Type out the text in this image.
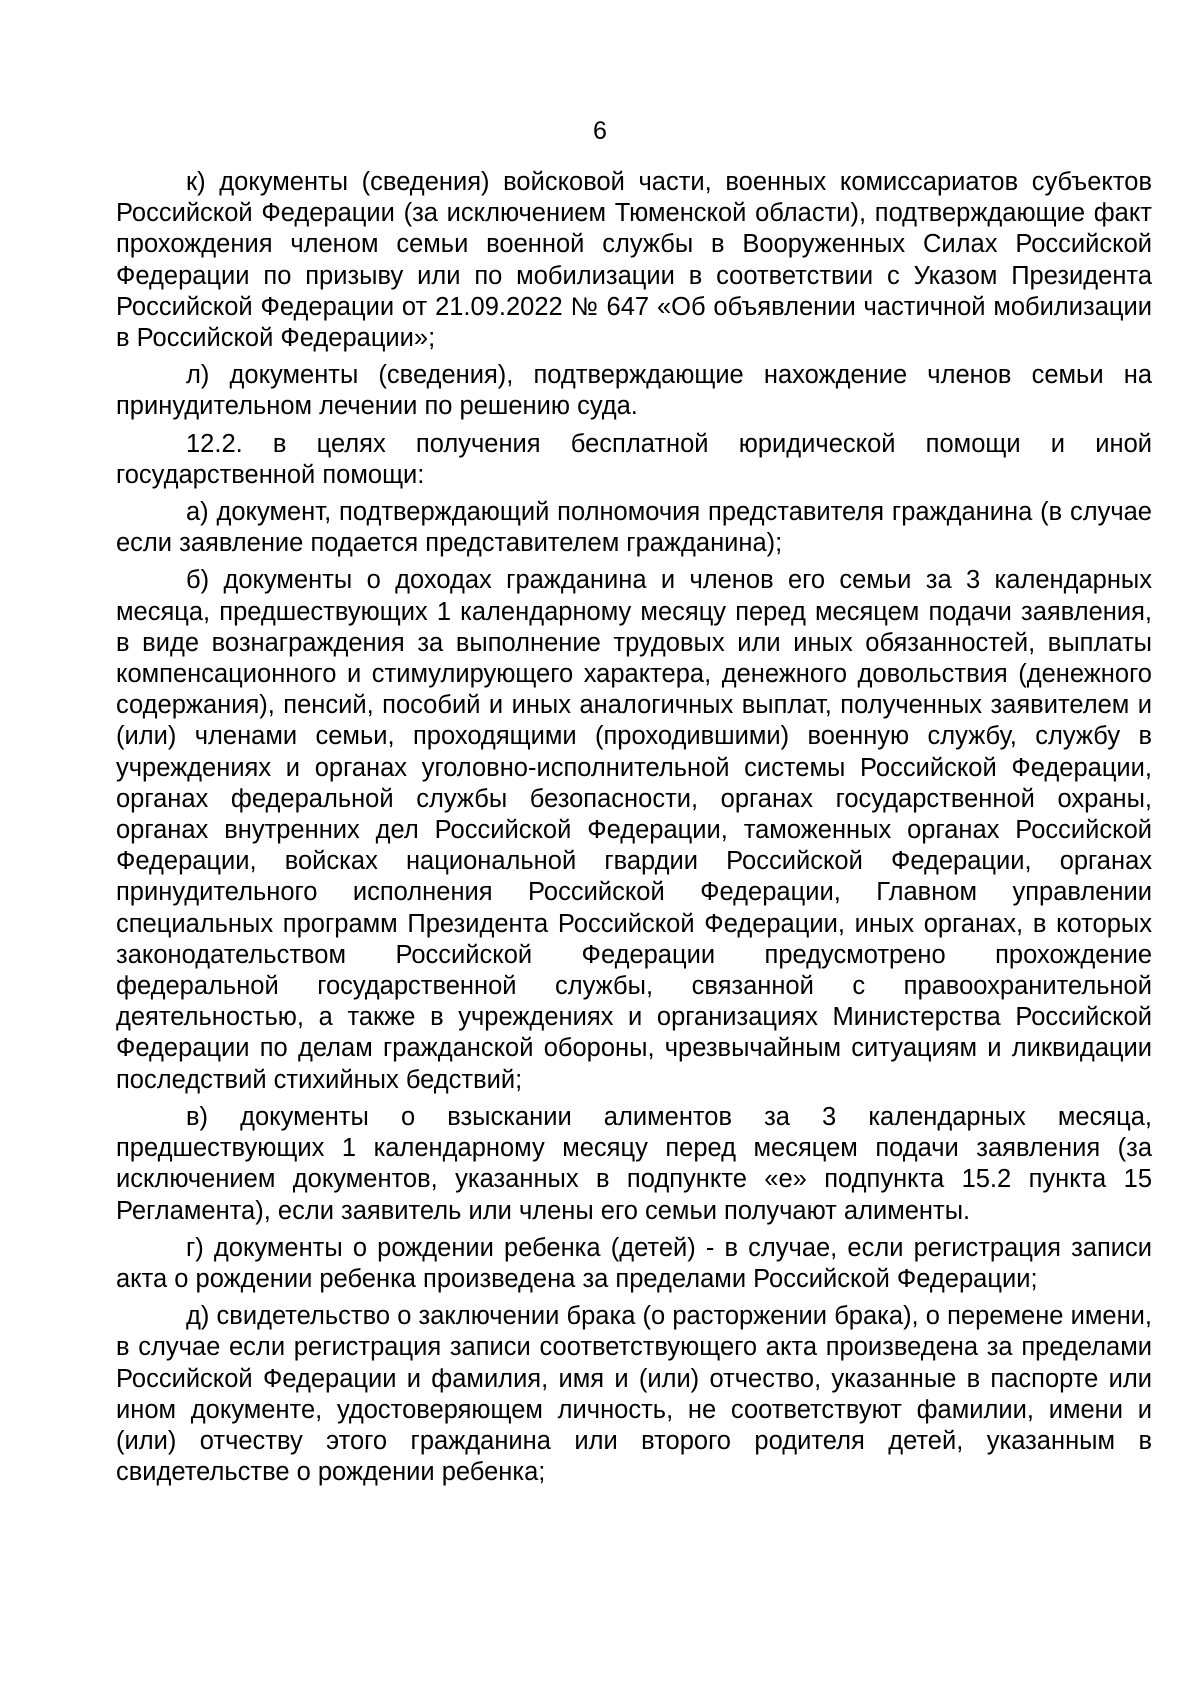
6

к) документы (сведения) войсковой части, военных комиссариатов субъектов Российской Федерации (за исключением Тюменской области), подтверждающие факт прохождения членом семьи военной службы в Вооруженных Силах Российской Федерации по призыву или по мобилизации в соответствии с Указом Президента Российской Федерации от 21.09.2022 № 647 «Об объявлении частичной мобилизации в Российской Федерации»;

л) документы (сведения), подтверждающие нахождение членов семьи на принудительном лечении по решению суда.

12.2. в целях получения бесплатной юридической помощи и иной государственной помощи:

а) документ, подтверждающий полномочия представителя гражданина (в случае если заявление подается представителем гражданина);

б) документы о доходах гражданина и членов его семьи за 3 календарных месяца, предшествующих 1 календарному месяцу перед месяцем подачи заявления, в виде вознаграждения за выполнение трудовых или иных обязанностей, выплаты компенсационного и стимулирующего характера, денежного довольствия (денежного содержания), пенсий, пособий и иных аналогичных выплат, полученных заявителем и (или) членами семьи, проходящими (проходившими) военную службу, службу в учреждениях и органах уголовно-исполнительной системы Российской Федерации, органах федеральной службы безопасности, органах государственной охраны, органах внутренних дел Российской Федерации, таможенных органах Российской Федерации, войсках национальной гвардии Российской Федерации, органах принудительного исполнения Российской Федерации, Главном управлении специальных программ Президента Российской Федерации, иных органах, в которых законодательством Российской Федерации предусмотрено прохождение федеральной государственной службы, связанной с правоохранительной деятельностью, а также в учреждениях и организациях Министерства Российской Федерации по делам гражданской обороны, чрезвычайным ситуациям и ликвидации последствий стихийных бедствий;

в) документы о взыскании алиментов за 3 календарных месяца, предшествующих 1 календарному месяцу перед месяцем подачи заявления (за исключением документов, указанных в подпункте «е» подпункта 15.2 пункта 15 Регламента), если заявитель или члены его семьи получают алименты.

г) документы о рождении ребенка (детей) - в случае, если регистрация записи акта о рождении ребенка произведена за пределами Российской Федерации;

д) свидетельство о заключении брака (о расторжении брака), о перемене имени, в случае если регистрация записи соответствующего акта произведена за пределами Российской Федерации и фамилия, имя и (или) отчество, указанные в паспорте или ином документе, удостоверяющем личность, не соответствуют фамилии, имени и (или) отчеству этого гражданина или второго родителя детей, указанным в свидетельстве о рождении ребенка;
